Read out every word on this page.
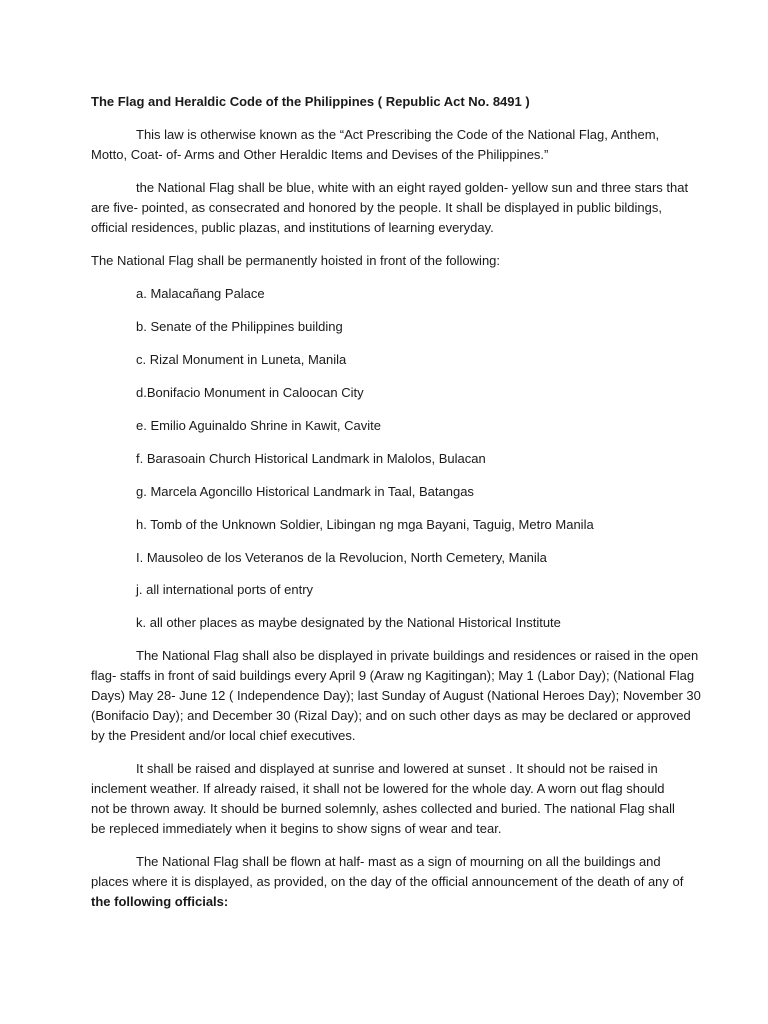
The Flag and Heraldic Code of the Philippines ( Republic Act No. 8491 )
This law is otherwise known as the “Act Prescribing the Code of the National Flag, Anthem,
Motto, Coat- of- Arms and Other Heraldic Items and Devises of the Philippines.”
the National Flag shall be blue, white with an eight rayed golden- yellow sun and three stars that
are five- pointed, as consecrated and honored by the people. It shall be displayed in public bildings,
official residences, public plazas, and institutions of learning everyday.
The National Flag shall be permanently hoisted in front of the following:
a. Malacañang Palace
b. Senate of the Philippines building
c. Rizal Monument in Luneta, Manila
d.Bonifacio Monument in Caloocan City
e. Emilio Aguinaldo Shrine in Kawit, Cavite
f. Barasoain Church Historical Landmark in Malolos, Bulacan
g. Marcela Agoncillo Historical Landmark in Taal, Batangas
h. Tomb of the Unknown Soldier, Libingan ng mga Bayani, Taguig, Metro Manila
I. Mausoleo de los Veteranos de la Revolucion, North Cemetery, Manila
j. all international ports of entry
k. all other places as maybe designated by the National Historical Institute
The National Flag shall also be displayed in private buildings and residences or raised in the open
flag- staffs in front of said buildings every April 9 (Araw ng Kagitingan); May 1 (Labor Day); (National Flag
Days) May 28- June 12 ( Independence Day); last Sunday of August (National Heroes Day); November 30
(Bonifacio Day); and December 30 (Rizal Day); and on such other days as may be declared or approved
by the President and/or local chief executives.
It shall be raised and displayed at sunrise and lowered at sunset . It should not be raised in
inclement weather. If already raised, it shall not be lowered for the whole day. A worn out flag should
not be thrown away. It should be burned solemnly, ashes collected and buried. The national Flag shall
be repleced immediately when it begins to show signs of wear and tear.
The National Flag shall be flown at half- mast as a sign of mourning on all the buildings and
places where it is displayed, as provided, on the day of the official announcement of the death of any of
the following officials:
